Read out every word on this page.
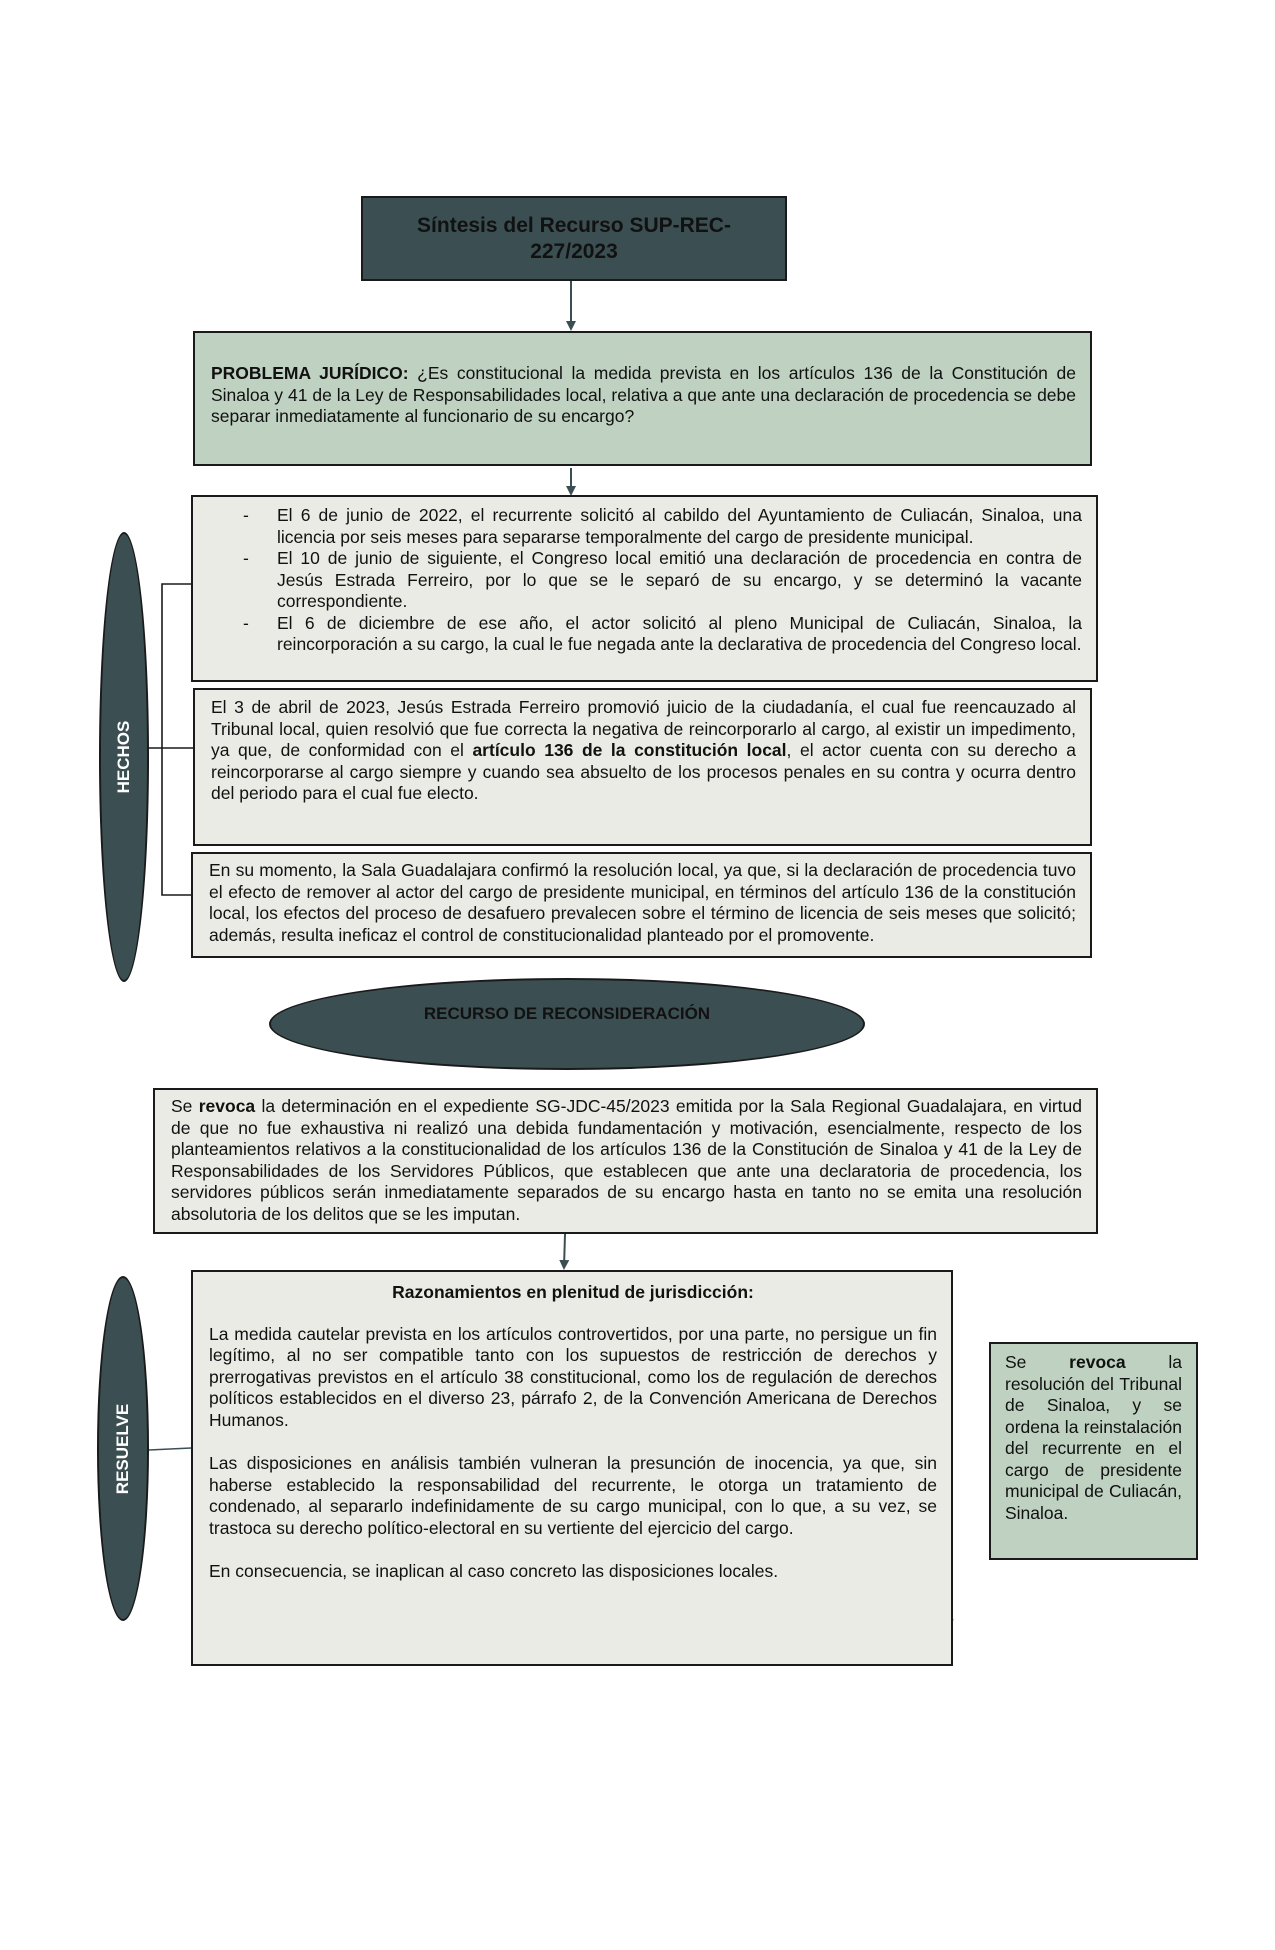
Síntesis del Recurso SUP-REC-227/2023
PROBLEMA JURÍDICO: ¿Es constitucional la medida prevista en los artículos 136 de la Constitución de Sinaloa y 41 de la Ley de Responsabilidades local, relativa a que ante una declaración de procedencia se debe separar inmediatamente al funcionario de su encargo?
HECHOS
- El 6 de junio de 2022, el recurrente solicitó al cabildo del Ayuntamiento de Culiacán, Sinaloa, una licencia por seis meses para separarse temporalmente del cargo de presidente municipal.
- El 10 de junio de siguiente, el Congreso local emitió una declaración de procedencia en contra de Jesús Estrada Ferreiro, por lo que se le separó de su encargo, y se determinó la vacante correspondiente.
- El 6 de diciembre de ese año, el actor solicitó al pleno Municipal de Culiacán, Sinaloa, la reincorporación a su cargo, la cual le fue negada ante la declarativa de procedencia del Congreso local.
El 3 de abril de 2023, Jesús Estrada Ferreiro promovió juicio de la ciudadanía, el cual fue reencauzado al Tribunal local, quien resolvió que fue correcta la negativa de reincorporarlo al cargo, al existir un impedimento, ya que, de conformidad con el artículo 136 de la constitución local, el actor cuenta con su derecho a reincorporarse al cargo siempre y cuando sea absuelto de los procesos penales en su contra y ocurra dentro del periodo para el cual fue electo.
En su momento, la Sala Guadalajara confirmó la resolución local, ya que, si la declaración de procedencia tuvo el efecto de remover al actor del cargo de presidente municipal, en términos del artículo 136 de la constitución local, los efectos del proceso de desafuero prevalecen sobre el término de licencia de seis meses que solicitó; además, resulta ineficaz el control de constitucionalidad planteado por el promovente.
RECURSO DE RECONSIDERACIÓN
Se revoca la determinación en el expediente SG-JDC-45/2023 emitida por la Sala Regional Guadalajara, en virtud de que no fue exhaustiva ni realizó una debida fundamentación y motivación, esencialmente, respecto de los planteamientos relativos a la constitucionalidad de los artículos 136 de la Constitución de Sinaloa y 41 de la Ley de Responsabilidades de los Servidores Públicos, que establecen que ante una declaratoria de procedencia, los servidores públicos serán inmediatamente separados de su encargo hasta en tanto no se emita una resolución absolutoria de los delitos que se les imputan.
RESUELVE
Razonamientos en plenitud de jurisdicción:

La medida cautelar prevista en los artículos controvertidos, por una parte, no persigue un fin legítimo, al no ser compatible tanto con los supuestos de restricción de derechos y prerrogativas previstos en el artículo 38 constitucional, como los de regulación de derechos políticos establecidos en el diverso 23, párrafo 2, de la Convención Americana de Derechos Humanos.

Las disposiciones en análisis también vulneran la presunción de inocencia, ya que, sin haberse establecido la responsabilidad del recurrente, le otorga un tratamiento de condenado, al separarlo indefinidamente de su cargo municipal, con lo que, a su vez, se trastoca su derecho político-electoral en su vertiente del ejercicio del cargo.

En consecuencia, se inaplican al caso concreto las disposiciones locales.

Se revoca la resolución del Tribunal de Sinaloa, y se ordena la reinstalación del recurrente en el cargo de presidente municipal de Culiacán, Sinaloa.
